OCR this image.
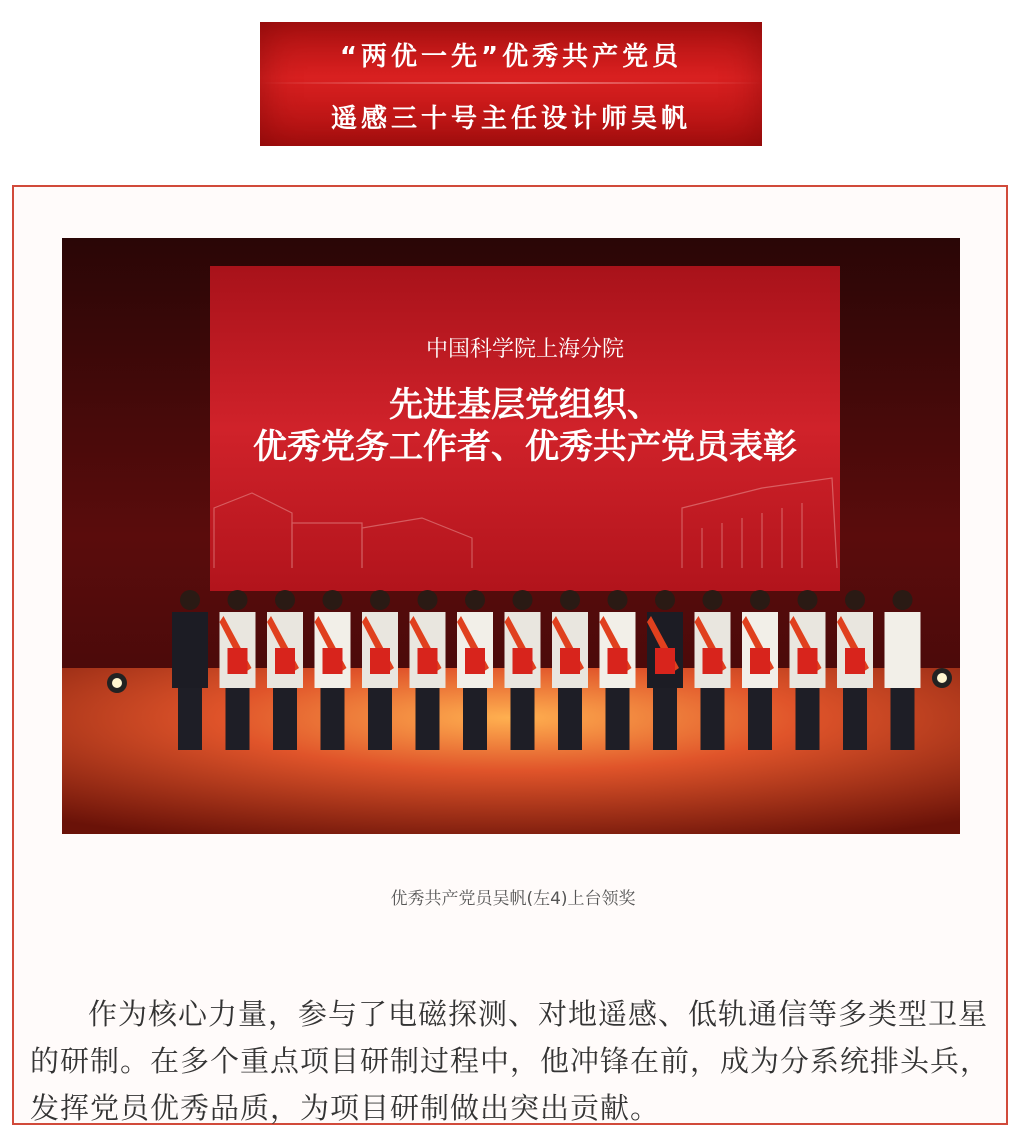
“两优一先”优秀共产党员
遥感三十号主任设计师吴帆
中国科学院上海分院
先进基层党组织、
优秀党务工作者、优秀共产党员表彰
优秀共产党员吴帆(左4)上台领奖

作为核心力量，参与了电磁探测、对地遥感、低轨通信等多类型卫星的研制。在多个重点项目研制过程中，他冲锋在前，成为分系统排头兵，发挥党员优秀品质，为项目研制做出突出贡献。
